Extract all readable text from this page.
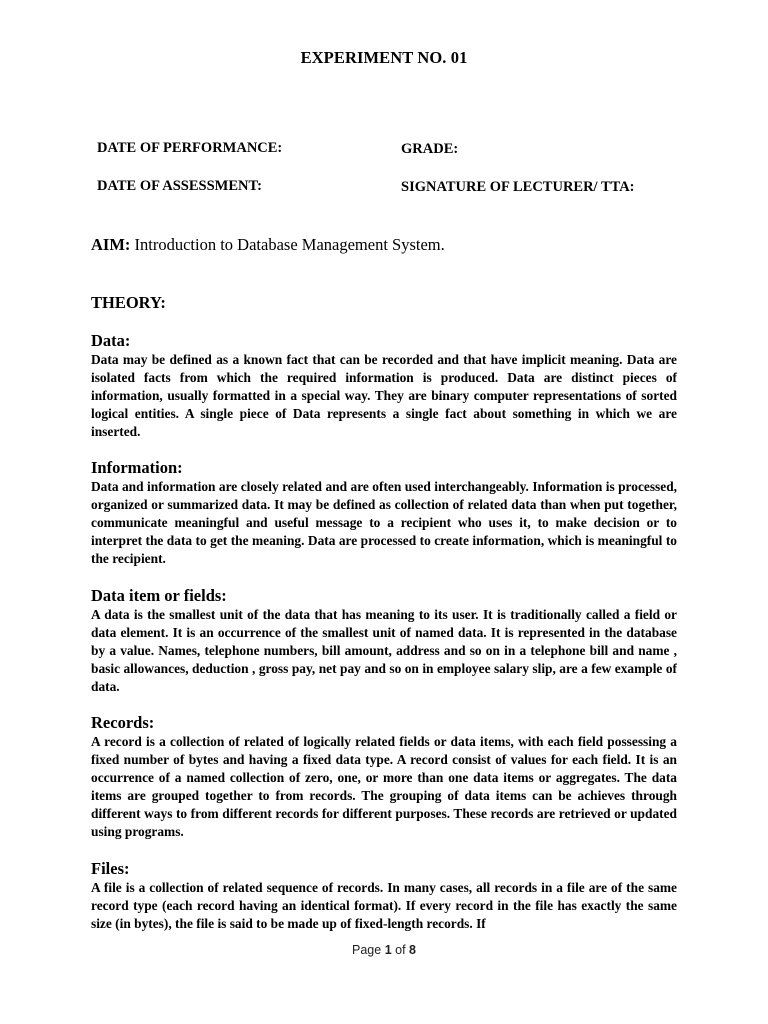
EXPERIMENT NO. 01
DATE OF PERFORMANCE:	GRADE:
DATE OF ASSESSMENT:	SIGNATURE OF LECTURER/ TTA:
AIM: Introduction to Database Management System.
THEORY:
Data:
Data may be defined as a known fact that can be recorded and that have implicit meaning. Data are isolated facts from which the required information is produced. Data are distinct pieces of information, usually formatted in a special way. They are binary computer representations of sorted logical entities. A single piece of Data represents a single fact about something in which we are inserted.
Information:
Data and information are closely related and are often used interchangeably. Information is processed, organized or summarized data. It may be defined as collection of related data than when put together, communicate meaningful and useful message to a recipient who uses it, to make decision or to interpret the data to get the meaning. Data are processed to create information, which is meaningful to the recipient.
Data item or fields:
A data is the smallest unit of the data that has meaning to its user. It is traditionally called a field or data element. It is an occurrence of the smallest unit of named data. It is represented in the database by a value. Names, telephone numbers, bill amount, address and so on in a telephone bill and name , basic allowances, deduction , gross pay, net pay and so on in employee salary slip, are a few example of data.
Records:
A record is a collection of related of logically related fields or data items, with each field possessing a fixed number of bytes and having a fixed data type. A record consist of values for each field. It is an occurrence of a named collection of zero, one, or more than one data items or aggregates. The data items are grouped together to from records. The grouping of data items can be achieves through different ways to from different records for different purposes. These records are retrieved or updated using programs.
Files:
A file is a collection of related sequence of records. In many cases, all records in a file are of the same record type (each record having an identical format). If every record in the file has exactly the same size (in bytes), the file is said to be made up of fixed-length records. If
Page 1 of 8
